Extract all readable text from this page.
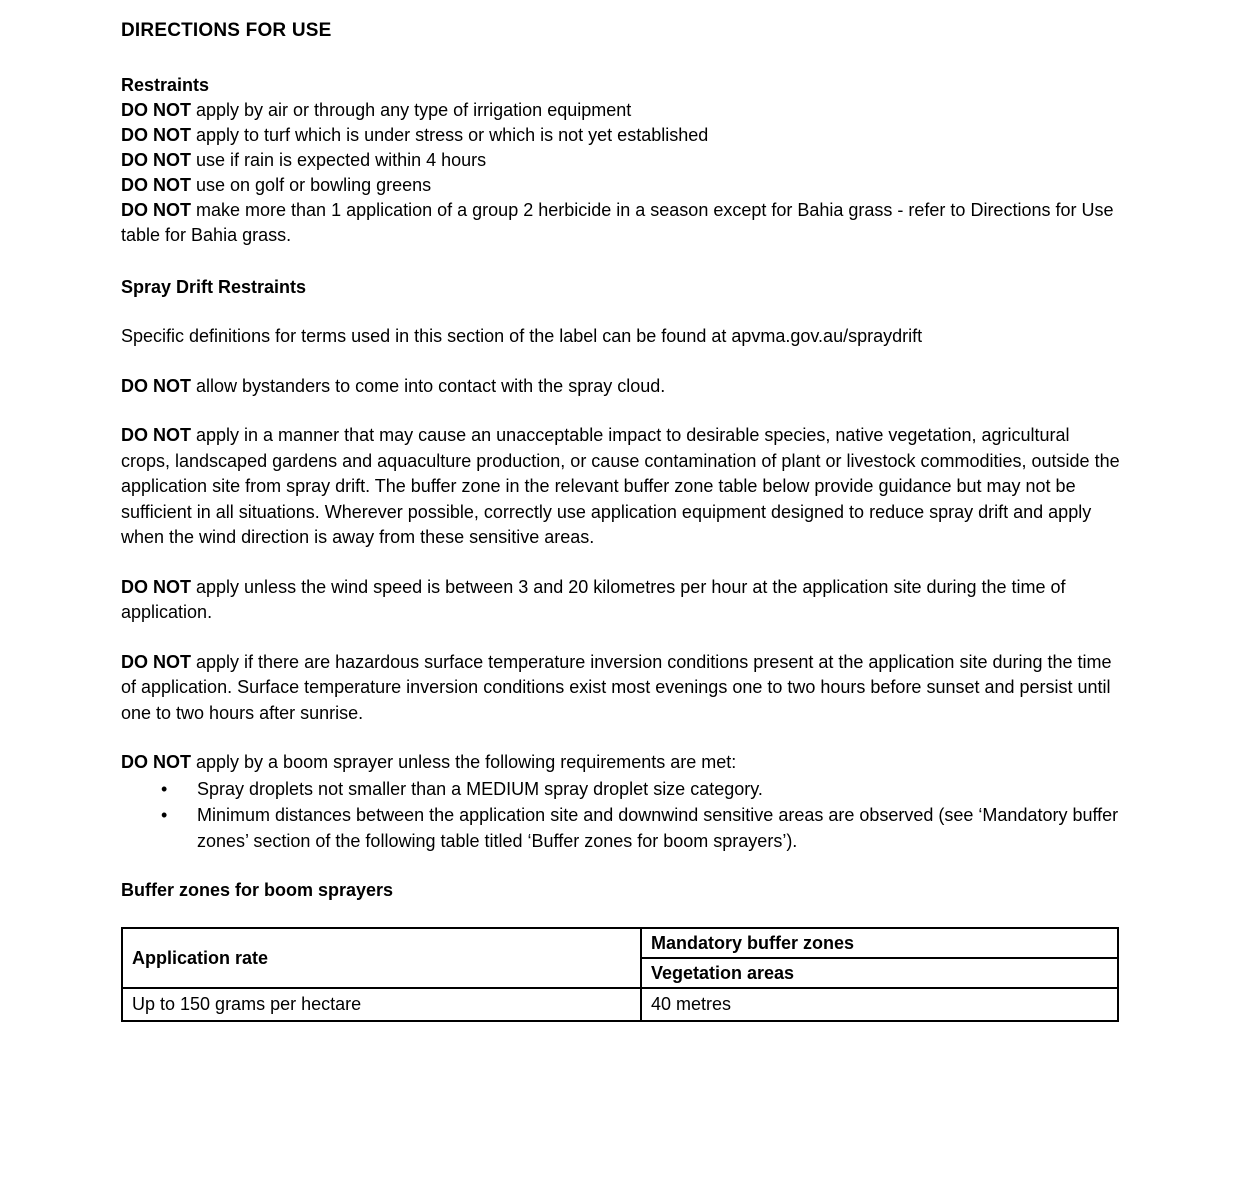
DIRECTIONS FOR USE
Restraints

DO NOT apply by air or through any type of irrigation equipment

DO NOT apply to turf which is under stress or which is not yet established

DO NOT use if rain is expected within 4 hours

DO NOT use on golf or bowling greens

DO NOT make more than 1 application of a group 2 herbicide in a season except for Bahia grass - refer to Directions for Use table for Bahia grass.

Spray Drift Restraints

Specific definitions for terms used in this section of the label can be found at apvma.gov.au/spraydrift

DO NOT allow bystanders to come into contact with the spray cloud.

DO NOT apply in a manner that may cause an unacceptable impact to desirable species, native vegetation, agricultural crops, landscaped gardens and aquaculture production, or cause contamination of plant or livestock commodities, outside the application site from spray drift. The buffer zone in the relevant buffer zone table below provide guidance but may not be sufficient in all situations. Wherever possible, correctly use application equipment designed to reduce spray drift and apply when the wind direction is away from these sensitive areas.

DO NOT apply unless the wind speed is between 3 and 20 kilometres per hour at the application site during the time of application.

DO NOT apply if there are hazardous surface temperature inversion conditions present at the application site during the time of application. Surface temperature inversion conditions exist most evenings one to two hours before sunset and persist until one to two hours after sunrise.

DO NOT apply by a boom sprayer unless the following requirements are met:

• Spray droplets not smaller than a MEDIUM spray droplet size category.
• Minimum distances between the application site and downwind sensitive areas are observed (see ‘Mandatory buffer zones’ section of the following table titled ‘Buffer zones for boom sprayers’).
Buffer zones for boom sprayers
Application rate	Mandatory buffer zones
	Vegetation areas
Up to 150 grams per hectare	40 metres
